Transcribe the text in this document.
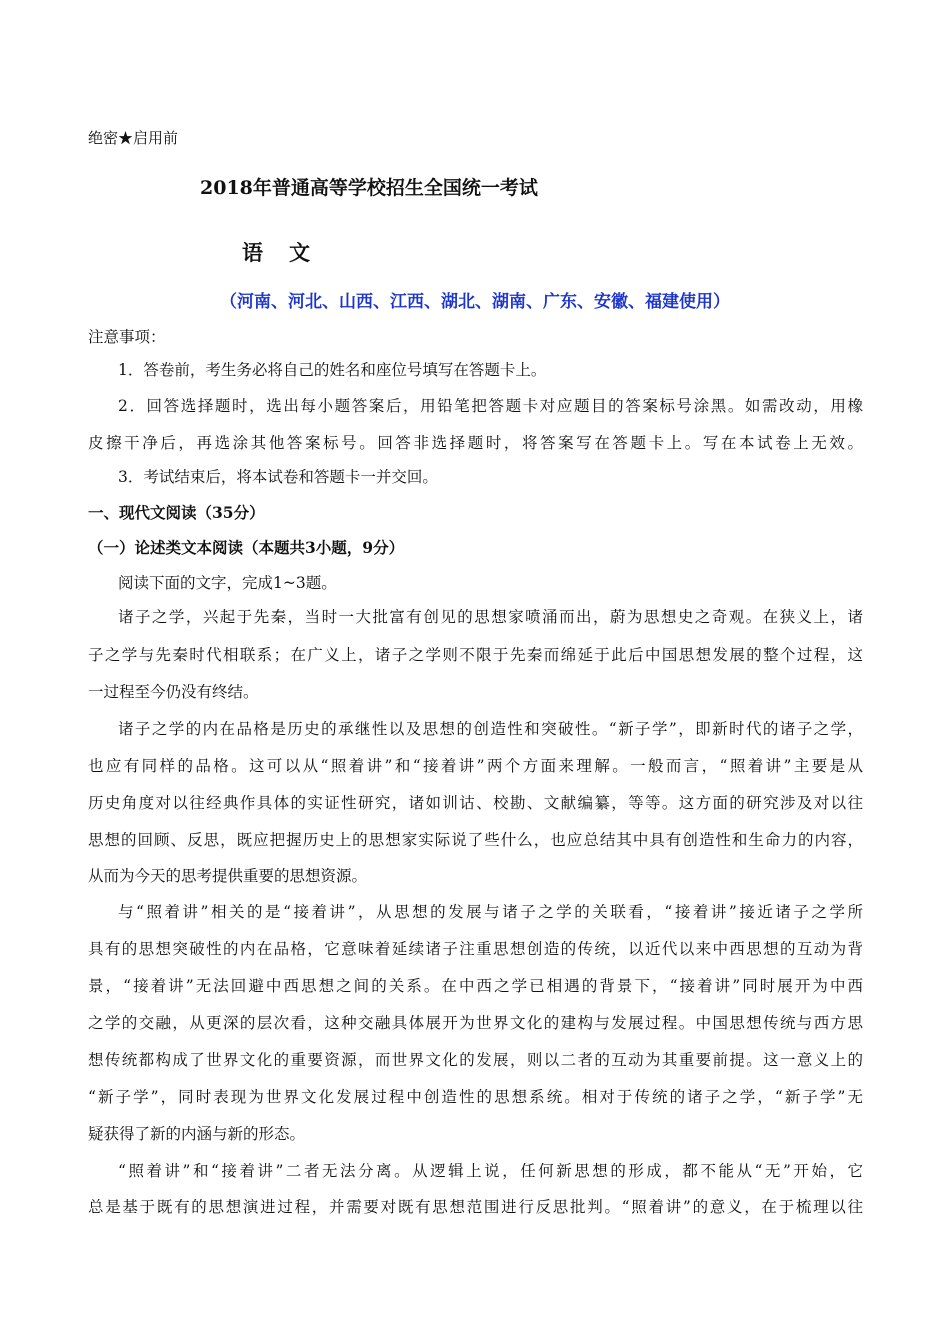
绝密★启用前
2018年普通高等学校招生全国统一考试
语文
（河南、河北、山西、江西、湖北、湖南、广东、安徽、福建使用）
注意事项：
1．答卷前，考生务必将自己的姓名和座位号填写在答题卡上。
2．回答选择题时，选出每小题答案后，用铅笔把答题卡对应题目的答案标号涂黑。如需改动，用橡
皮擦干净后，再选涂其他答案标号。回答非选择题时，将答案写在答题卡上。写在本试卷上无效。
3．考试结束后，将本试卷和答题卡一并交回。
一、现代文阅读（35分）
（一）论述类文本阅读（本题共3小题，9分）
阅读下面的文字，完成1~3题。
诸子之学，兴起于先秦，当时一大批富有创见的思想家喷涌而出，蔚为思想史之奇观。在狭义上，诸
子之学与先秦时代相联系；在广义上，诸子之学则不限于先秦而绵延于此后中国思想发展的整个过程，这
一过程至今仍没有终结。
诸子之学的内在品格是历史的承继性以及思想的创造性和突破性。“新子学”，即新时代的诸子之学，
也应有同样的品格。这可以从“照着讲”和“接着讲”两个方面来理解。一般而言，“照着讲”主要是从
历史角度对以往经典作具体的实证性研究，诸如训诂、校勘、文献编纂，等等。这方面的研究涉及对以往
思想的回顾、反思，既应把握历史上的思想家实际说了些什么，也应总结其中具有创造性和生命力的内容，
从而为今天的思考提供重要的思想资源。
与“照着讲”相关的是“接着讲”，从思想的发展与诸子之学的关联看，“接着讲”接近诸子之学所
具有的思想突破性的内在品格，它意味着延续诸子注重思想创造的传统，以近代以来中西思想的互动为背
景，“接着讲”无法回避中西思想之间的关系。在中西之学已相遇的背景下，“接着讲”同时展开为中西
之学的交融，从更深的层次看，这种交融具体展开为世界文化的建构与发展过程。中国思想传统与西方思
想传统都构成了世界文化的重要资源，而世界文化的发展，则以二者的互动为其重要前提。这一意义上的
“新子学”，同时表现为世界文化发展过程中创造性的思想系统。相对于传统的诸子之学，“新子学”无
疑获得了新的内涵与新的形态。
“照着讲”和“接着讲”二者无法分离。从逻辑上说，任何新思想的形成，都不能从“无”开始，它
总是基于既有的思想演进过程，并需要对既有思想范围进行反思批判。“照着讲”的意义，在于梳理以往
